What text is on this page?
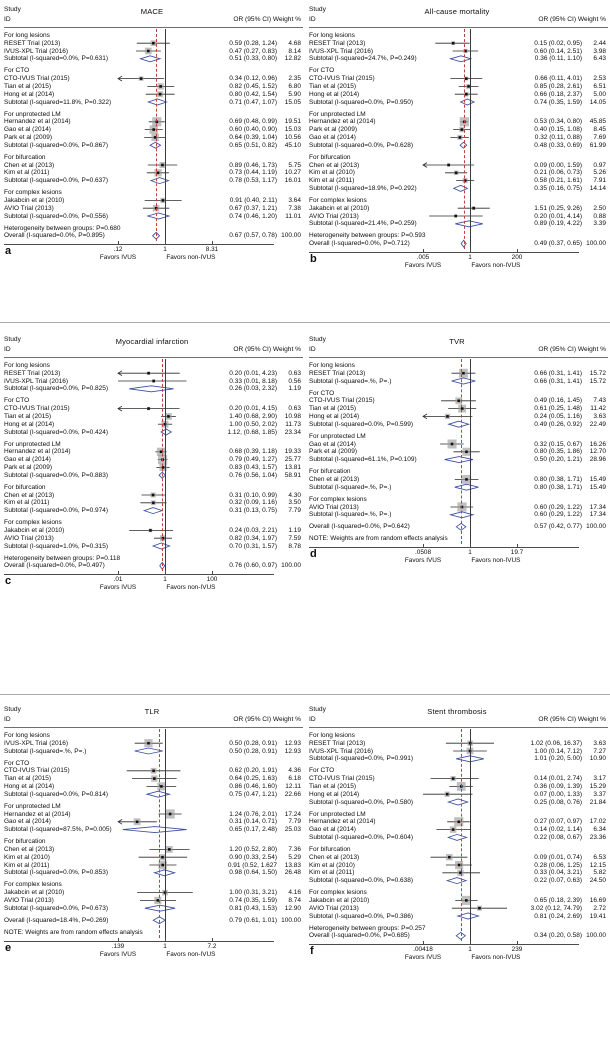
MACE
Study
ID	OR (95% CI) Weight %
For long lesions
RESET Trial (2013)	0.59 (0.28, 1.24) 4.68
IVUS-XPL Trial (2016)	0.47 (0.27, 0.83) 8.14
Subtotal (I-squared=0.0%, P=0.631)	0.51 (0.33, 0.80) 12.82
For CTO
CTO-IVUS Trial (2015)	0.34 (0.12, 0.96) 2.35
Tian et al (2015)	0.82 (0.45, 1.52) 6.80
Hong et al (2014)	0.80 (0.42, 1.54) 5.90
Subtotal (I-squared=11.8%, P=0.322)	0.71 (0.47, 1.07) 15.05
For unprotected LM
Hernandez et al (2014)	0.69 (0.48, 0.99) 19.51
Gao et al (2014)	0.60 (0.40, 0.90) 15.03
Park et al (2009)	0.64 (0.39, 1.04) 10.56
Subtotal (I-squared=0.0%, P=0.867)	0.65 (0.51, 0.82) 45.10
For bifurcation
Chen et al (2013)	0.89 (0.46, 1.73) 5.75
Kim et al (2011)	0.73 (0.44, 1.19) 10.27
Subtotal (I-squared=0.0%, P=0.637)	0.78 (0.53, 1.17) 16.01
For complex lesions
Jakabcin et al (2010)	0.91 (0.40, 2.11) 3.64
AVIO Trial (2013)	0.67 (0.37, 1.21) 7.38
Subtotal (I-squared=0.0%, P=0.556)	0.74 (0.46, 1.20) 11.01
Heterogeneity between groups: P=0.680
Overall (I-squared=0.0%, P=0.895)	0.67 (0.57, 0.78) 100.00
.12	1	8.31
Favors IVUS	Favors non-IVUS
a
All-cause mortality
Study
ID	OR (95% CI) Weight %
For long lesions
RESET Trial (2013)	0.15 (0.02, 0.95) 2.44
IVUS-XPL Trial (2016)	0.60 (0.14, 2.51) 3.98
Subtotal (I-squared=24.7%, P=0.249)	0.36 (0.11, 1.10) 6.43
For CTO
CTO-IVUS Trial (2015)	0.66 (0.11, 4.01) 2.53
Tian et al (2015)	0.85 (0.28, 2.61) 6.51
Hong et al (2014)	0.66 (0.18, 2.37) 5.00
Subtotal (I-squared=0.0%, P=0.950)	0.74 (0.35, 1.59) 14.05
For unprotected LM
Hernandez et al (2014)	0.53 (0.34, 0.80) 45.85
Park et al (2009)	0.40 (0.15, 1.08) 8.45
Gao et al (2014)	0.32 (0.11, 0.88) 7.69
Subtotal (I-squared=0.0%, P=0.628)	0.48 (0.33, 0.69) 61.99
For bifurcation
Chen et al (2013)	0.09 (0.00, 1.59) 0.97
Kim et al (2010)	0.21 (0.06, 0.73) 5.26
Kim et al (2011)	0.58 (0.21, 1.61) 7.91
Subtotal (I-squared=18.9%, P=0.292)	0.35 (0.16, 0.75) 14.14
For complex lesions
Jakabcin et al (2010)	1.51 (0.25, 9.26) 2.50
AVIO Trial (2013)	0.20 (0.01, 4.14) 0.88
Subtotal (I-squared=21.4%, P=0.259)	0.89 (0.19, 4.22) 3.39
Heterogeneity between groups: P=0.593
Overall (I-squared=0.0%, P=0.712)	0.49 (0.37, 0.65) 100.00
.005	1	200
Favors IVUS	Favors non-IVUS
b
Myocardial infarction
Study
ID	OR (95% CI) Weight %
For long lesions
RESET Trial (2013)	0.20 (0.01, 4.23) 0.63
IVUS-XPL Trial (2016)	0.33 (0.01, 8.18) 0.56
Subtotal (I-squared=0.0%, P=0.825)	0.26 (0.03, 2.32) 1.19
For CTO
CTO-IVUS Trial (2015)	0.20 (0.01, 4.15) 0.63
Tian et al (2015)	1.40 (0.68, 2.90) 10.98
Hong et al (2014)	1.00 (0.50, 2.02) 11.73
Subtotal (I-squared=0.0%, P=0.424)	1.12, (0.68, 1.85) 23.34
For unprotected LM
Hernandez et al (2014)	0.68 (0.39, 1.18) 19.33
Gao et al (2014)	0.79 (0.49, 1.27) 25.77
Park et al (2009)	0.83 (0.43, 1.57) 13.81
Subtotal (I-squared=0.0%, P=0.883)	0.76 (0.56, 1.04) 58.91
For bifurcation
Chen et al (2013)	0.31 (0.10, 0.99) 4.30
Kim et al (2011)	0.32 (0.09, 1.16) 3.50
Subtotal (I-squared=0.0%, P=0.974)	0.31 (0.13, 0.75) 7.79
For complex lesions
Jakabcin et al (2010)	0.24 (0.03, 2.21) 1.19
AVIO Trial (2013)	0.82 (0.34, 1.97) 7.59
Subtotal (I-squared=1.0%, P=0.315)	0.70 (0.31, 1.57) 8.78
Heterogeneity between groups: P=0.118
Overall (I-squared=0.0%, P=0.497)	0.76 (0.60, 0.97) 100.00
.01	1	100
Favors IVUS	Favors non-IVUS
c
TVR
Study
ID	OR (95% CI) Weight %
For long lesions
RESET Trial (2013)	0.66 (0.31, 1.41) 15.72
Subtotal (I-squared=.%, P=.)	0.66 (0.31, 1.41) 15.72
For CTO
CTO-IVUS Trial (2015)	0.49 (0.16, 1.45) 7.43
Tian et al (2015)	0.61 (0.25, 1.48) 11.42
Hong et al (2014)	0.24 (0.05, 1.16) 3.63
Subtotal (I-squared=0.0%, P=0.599)	0.49 (0.26, 0.92) 22.49
For unprotected LM
Gao et al (2014)	0.32 (0.15, 0.67) 16.26
Park et al (2009)	0.80 (0.35, 1.86) 12.70
Subtotal (I-squared=61.1%, P=0.109)	0.50 (0.20, 1.21) 28.96
For bifurcation
Chen et al (2013)	0.80 (0.38, 1.71) 15.49
Subtotal (I-squared=.%, P=.)	0.80 (0.38, 1.71) 15.49
For complex lesions
AVIO Trial (2013)	0.60 (0.29, 1.22) 17.34
Subtotal (I-squared=.%, P=.)	0.60 (0.29, 1.22) 17.34
Overall (I-squared=0.0%, P=0.642)	0.57 (0.42, 0.77) 100.00
NOTE: Weights are from random effects analysis
.0508	1	19.7
Favors IVUS	Favors non-IVUS
d
TLR
Study
ID	OR (95% CI) Weight %
For long lesions
IVUS-XPL Trial (2016)	0.50 (0.28, 0.91) 12.93
Subtotal (I-squared=.%, P=.)	0.50 (0.28, 0.91) 12.93
For CTO
CTO-IVUS Trial (2015)	0.62 (0.20, 1.91) 4.36
Tian et al (2015)	0.64 (0.25, 1.63) 6.18
Hong et al (2014)	0.86 (0.46, 1.60) 12.11
Subtotal (I-squared=0.0%, P=0.814)	0.75 (0.47, 1.21) 22.66
For unprotected LM
Hernandez et al (2014)	1.24 (0.76, 2.01) 17.24
Gao et al (2014)	0.31 (0.14, 0.71) 7.79
Subtotal (I-squared=87.5%, P=0.005)	0.65 (0.17, 2.48) 25.03
For bifurcation
Chen et al (2013)	1.20 (0.52, 2.80) 7.36
Kim et al (2010)	0.90 (0.33, 2.54) 5.29
Kim et al (2011)	0.91 (0.52, 1.627 13.83
Subtotal (I-squared=0.0%, P=0.853)	0.98 (0.64, 1.50) 26.48
For complex lesions
Jakabcin et al (2010)	1.00 (0.31, 3.21) 4.16
AVIO Trial (2013)	0.74 (0.35, 1.59) 8.74
Subtotal (I-squared=0.0%, P=0.673)	0.81 (0.43, 1.53) 12.90
Overall (I-squared=18.4%, P=0.269)	0.79 (0.61, 1.01) 100.00
NOTE: Weights are from random effects analysis
.139	1	7.2
Favors IVUS	Favors non-IVUS
e
Stent thrombosis
Study
ID	OR (95% CI) Weight %
For long lesions
RESET Trial (2013)	1.02 (0.06, 16.37) 3.63
IVUS-XPL Trial (2016)	1.00 (0.14, 7.12) 7.27
Subtotal (I-squared=0.0%, P=0.991)	1.01 (0.20, 5.00) 10.90
For CTO
CTO-IVUS Trial (2015)	0.14 (0.01, 2.74) 3.17
Tian et al (2015)	0.36 (0.09, 1.39) 15.29
Hong et al (2014)	0.07 (0.00, 1.33) 3.37
Subtotal (I-squared=0.0%, P=0.580)	0.25 (0.08, 0.76) 21.84
For unprotected LM
Hernandez et al (2014)	0.27 (0.07, 0.97) 17.02
Gao et al (2014)	0.14 (0.02, 1.14) 6.34
Subtotal (I-squared=0.0%, P=0.604)	0.22 (0.08, 0.67) 23.36
For bifurcation
Chen et al (2013)	0.09 (0.01, 0.74) 6.53
Kim et al (2010)	0.28 (0.06, 1.25) 12.15
Kim et al (2011)	0.33 (0.04, 3.21) 5.82
Subtotal (I-squared=0.0%, P=0.638)	0.22 (0.07, 0.63) 24.50
For complex lesions
Jakabcin et al (2010)	0.65 (0.18, 2.39) 16.69
AVIO Trial (2013)	3.02 (0.12, 74.79) 2.72
Subtotal (I-squared=0.0%, P=0.386)	0.81 (0.24, 2.69) 19.41
Heterogeneity between groups: P=0.257
Overall (I-squared=0.0%, P=0.685)	0.34 (0.20, 0.58) 100.00
.00418	1	239
Favors IVUS	Favors non-IVUS
f
